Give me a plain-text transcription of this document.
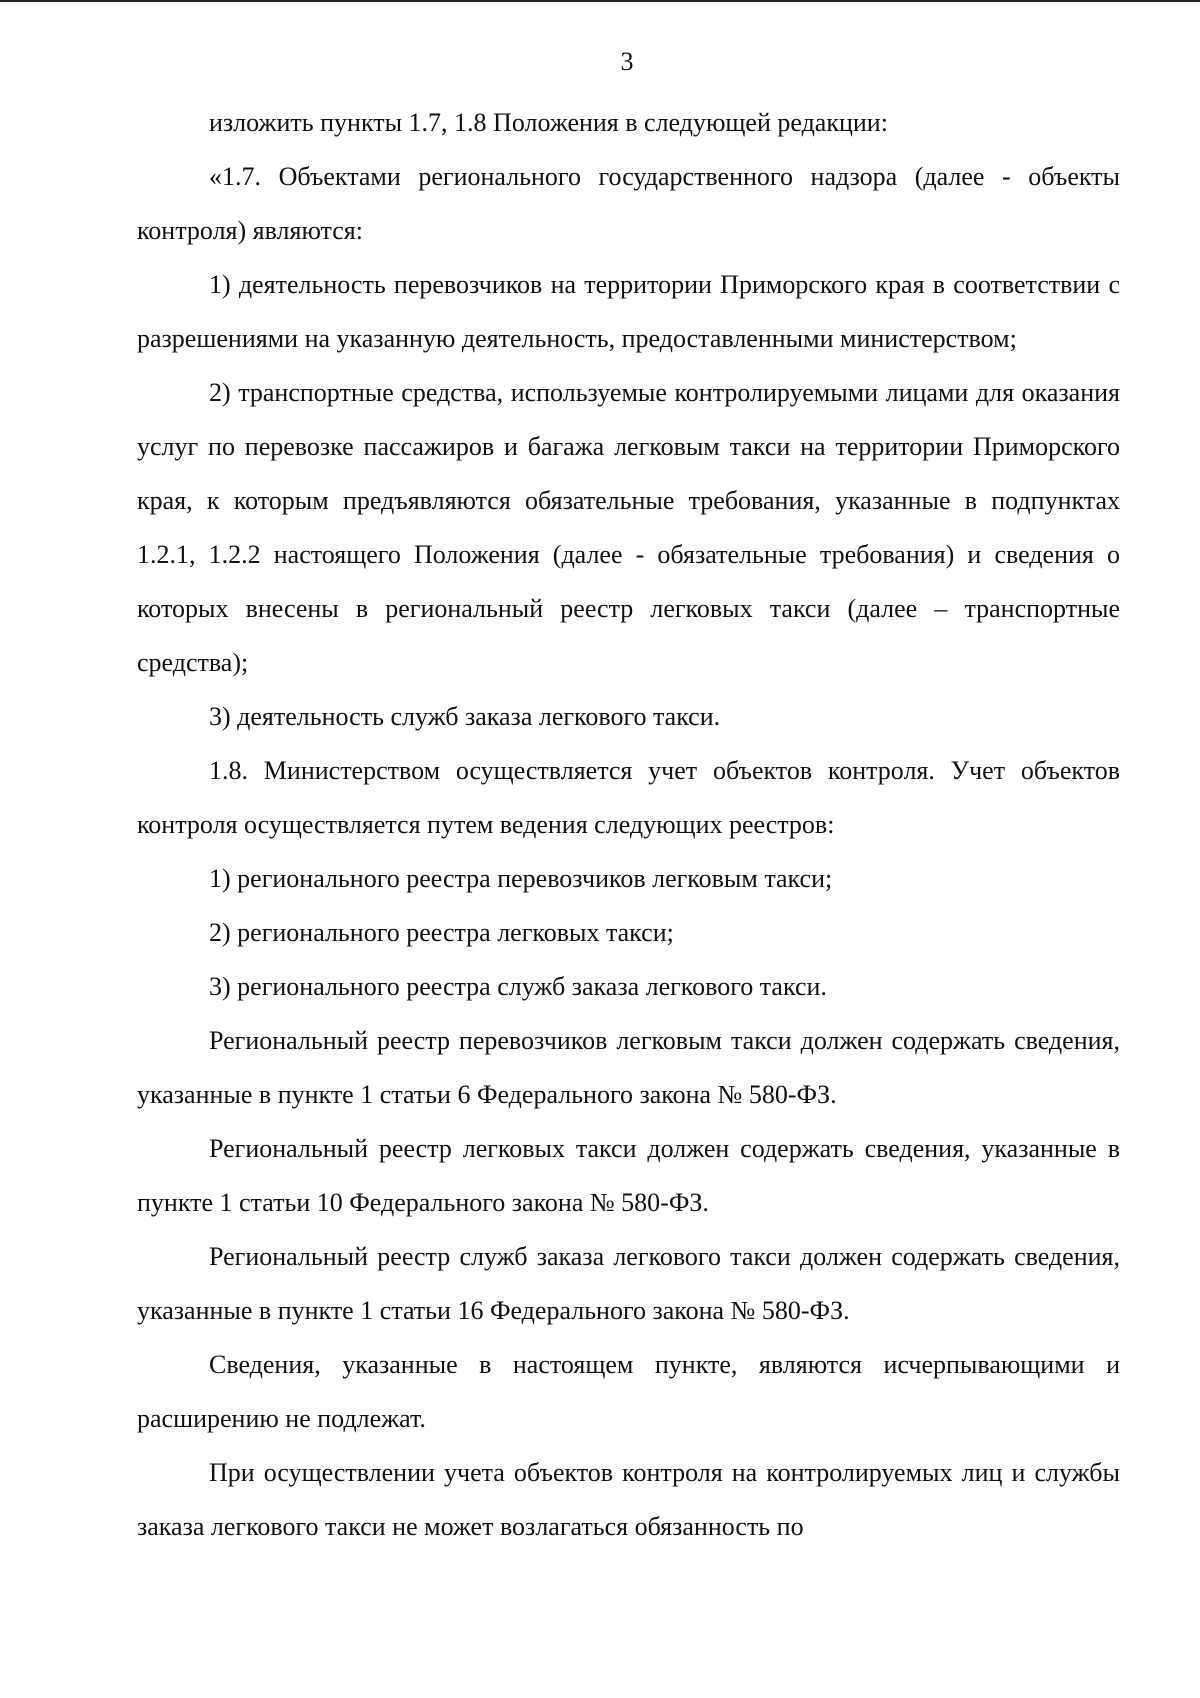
3

изложить пункты 1.7, 1.8 Положения в следующей редакции:

«1.7. Объектами регионального государственного надзора (далее - объекты контроля) являются:

1) деятельность перевозчиков на территории Приморского края в соответствии с разрешениями на указанную деятельность, предоставленными министерством;

2) транспортные средства, используемые контролируемыми лицами для оказания услуг по перевозке пассажиров и багажа легковым такси на территории Приморского края, к которым предъявляются обязательные требования, указанные в подпунктах 1.2.1, 1.2.2 настоящего Положения (далее - обязательные требования) и сведения о которых внесены в региональный реестр легковых такси (далее – транспортные средства);

3) деятельность служб заказа легкового такси.

1.8. Министерством осуществляется учет объектов контроля. Учет объектов контроля осуществляется путем ведения следующих реестров:

1) регионального реестра перевозчиков легковым такси;

2) регионального реестра легковых такси;

3) регионального реестра служб заказа легкового такси.

Региональный реестр перевозчиков легковым такси должен содержать сведения, указанные в пункте 1 статьи 6 Федерального закона № 580-ФЗ.

Региональный реестр легковых такси должен содержать сведения, указанные в пункте 1 статьи 10 Федерального закона № 580-ФЗ.

Региональный реестр служб заказа легкового такси должен содержать сведения, указанные в пункте 1 статьи 16 Федерального закона № 580-ФЗ.

Сведения, указанные в настоящем пункте, являются исчерпывающими и расширению не подлежат.

При осуществлении учета объектов контроля на контролируемых лиц и службы заказа легкового такси не может возлагаться обязанность по
